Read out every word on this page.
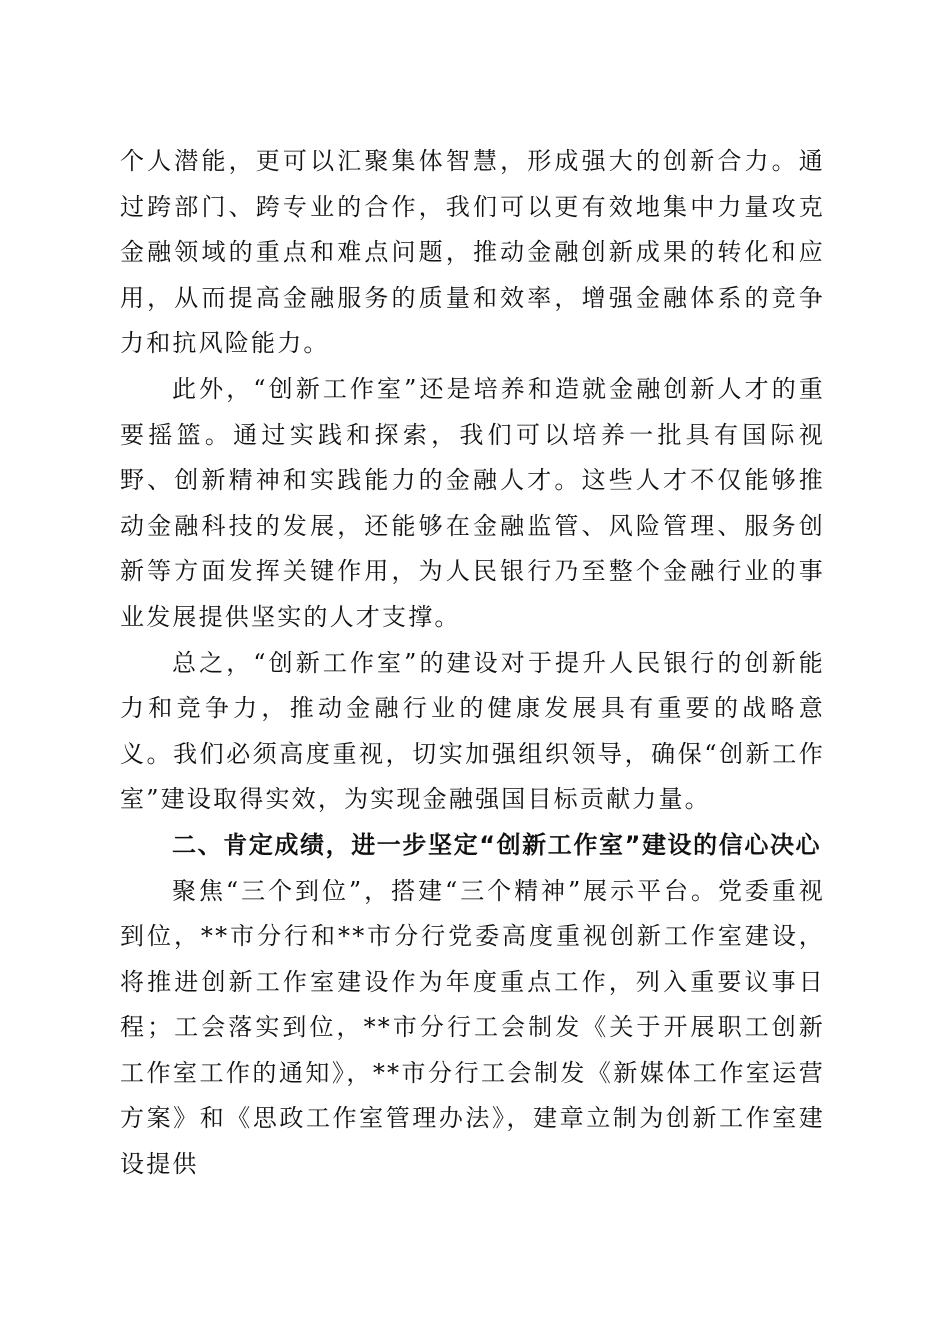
个人潜能，更可以汇聚集体智慧，形成强大的创新合力。通过跨部门、跨专业的合作，我们可以更有效地集中力量攻克金融领域的重点和难点问题，推动金融创新成果的转化和应用，从而提高金融服务的质量和效率，增强金融体系的竞争力和抗风险能力。

此外，“创新工作室”还是培养和造就金融创新人才的重要摇篮。通过实践和探索，我们可以培养一批具有国际视野、创新精神和实践能力的金融人才。这些人才不仅能够推动金融科技的发展，还能够在金融监管、风险管理、服务创新等方面发挥关键作用，为人民银行乃至整个金融行业的事业发展提供坚实的人才支撑。

总之，“创新工作室”的建设对于提升人民银行的创新能力和竞争力，推动金融行业的健康发展具有重要的战略意义。我们必须高度重视，切实加强组织领导，确保“创新工作室”建设取得实效，为实现金融强国目标贡献力量。

二、肯定成绩，进一步坚定“创新工作室”建设的信心决心

聚焦“三个到位”，搭建“三个精神”展示平台。党委重视到位，**市分行和**市分行党委高度重视创新工作室建设，将推进创新工作室建设作为年度重点工作，列入重要议事日程；工会落实到位，**市分行工会制发《关于开展职工创新工作室工作的通知》，**市分行工会制发《新媒体工作室运营方案》和《思政工作室管理办法》，建章立制为创新工作室建设提供
